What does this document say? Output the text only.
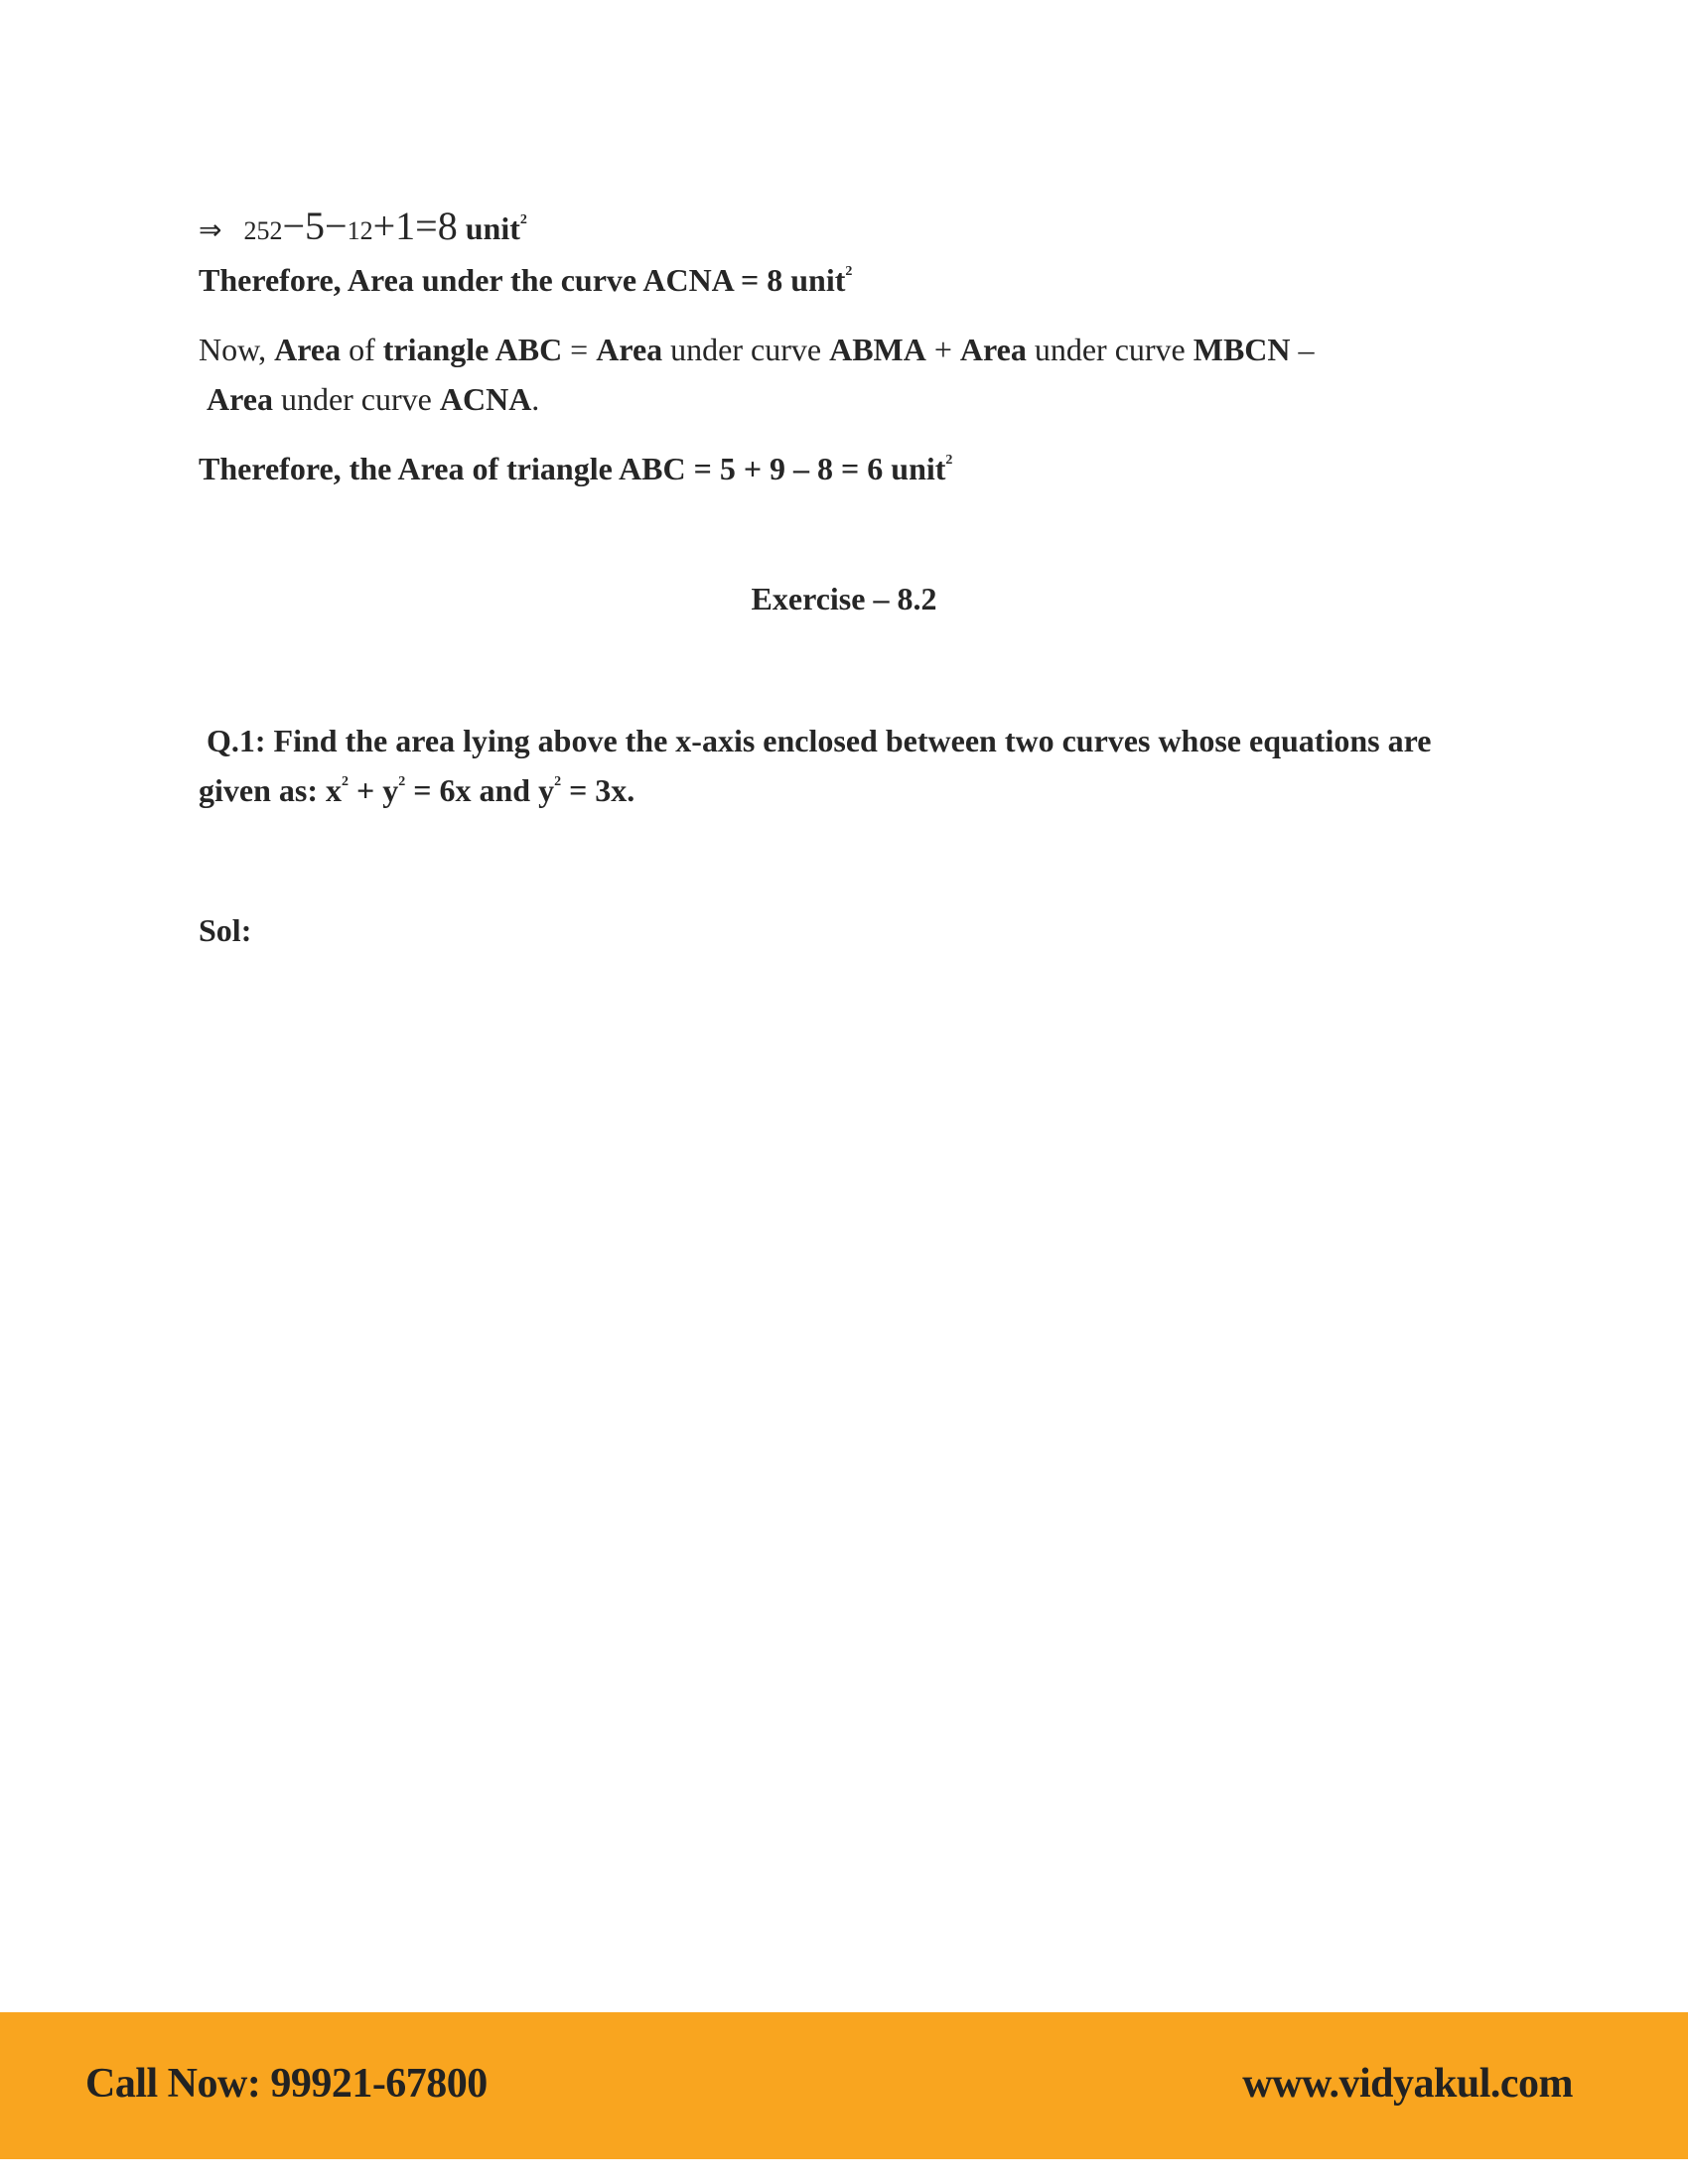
⇒ 252−5−12+1=8 unit$^2$
Therefore, Area under the curve ACNA = 8 unit$^2$
Now, Area of triangle ABC = Area under curve ABMA + Area under curve MBCN –
Area under curve ACNA.
Therefore, the Area of triangle ABC = 5 + 9 – 8 = 6 unit$^2$
Exercise – 8.2
Q.1: Find the area lying above the x-axis enclosed between two curves whose equations are
given as: $x^2 + y^2 = 6x$ and $y^2 = 3x$.
Sol:
Call Now: 99921-67800	www.vidyakul.com
